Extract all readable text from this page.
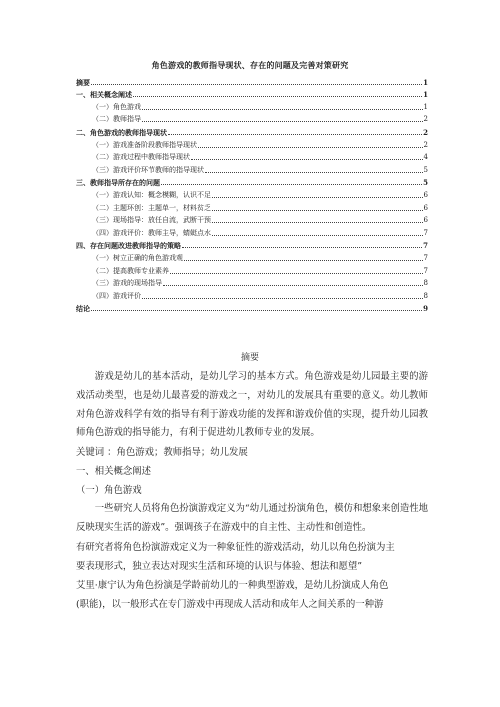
角色游戏的教师指导现状、存在的问题及完善对策研究
摘要	1
一、相关概念阐述	1
（一）角色游戏	1
（二）教师指导	2
二、角色游戏的教师指导现状	2
（一）游戏准备阶段教师指导现状	2
（二）游戏过程中教师指导现状	4
（三）游戏评价环节教师的指导现状	5
三、教师指导所存在的问题	5
（一）游戏认知：概念模糊，认识不足	6
（二）主题环创：主题单一，材料贫乏	6
（三）现场指导：放任自流，武断干预	6
（四）游戏评价：教师主导，蜻蜓点水	7
四、存在问题改进教师指导的策略	7
（一）树立正确的角色游戏观	7
（二）提高教师专业素养	7
（三）游戏的现场指导	8
（四）游戏评价	8
结论	9
摘要

游戏是幼儿的基本活动，是幼儿学习的基本方式。角色游戏是幼儿园最主要的游戏活动类型，也是幼儿最喜爱的游戏之一，对幼儿的发展具有重要的意义。幼儿教师对角色游戏科学有效的指导有利于游戏功能的发挥和游戏价值的实现，提升幼儿园教师角色游戏的指导能力，有利于促进幼儿教师专业的发展。

关键词 ：角色游戏；教师指导；幼儿发展

一、相关概念阐述

（一）角色游戏

一些研究人员将角色扮演游戏定义为“幼儿通过扮演角色，模仿和想象来创造性地反映现实生活的游戏”。强调孩子在游戏中的自主性、主动性和创造性。

有研究者将角色扮演游戏定义为一种象征性的游戏活动，幼儿以角色扮演为主

要表现形式，独立表达对现实生活和环境的认识与体验、想法和愿望”

艾里·康宁认为角色扮演是学龄前幼儿的一种典型游戏，是幼儿扮演成人角色

(职能)，以一般形式在专门游戏中再现成人活动和成年人之间关系的一种游
